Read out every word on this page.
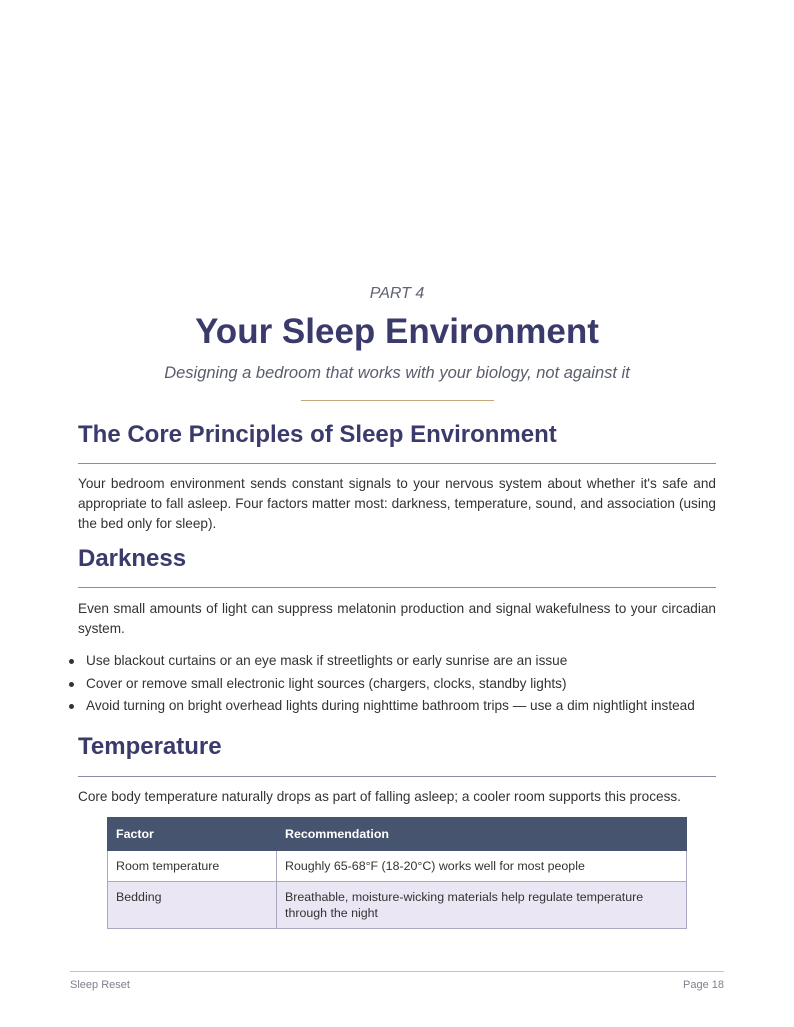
PART 4
Your Sleep Environment
Designing a bedroom that works with your biology, not against it
The Core Principles of Sleep Environment

Your bedroom environment sends constant signals to your nervous system about whether it's safe and appropriate to fall asleep. Four factors matter most: darkness, temperature, sound, and association (using the bed only for sleep).

Darkness

Even small amounts of light can suppress melatonin production and signal wakefulness to your circadian system.

Use blackout curtains or an eye mask if streetlights or early sunrise are an issue
Cover or remove small electronic light sources (chargers, clocks, standby lights)
Avoid turning on bright overhead lights during nighttime bathroom trips — use a dim nightlight instead
Temperature

Core body temperature naturally drops as part of falling asleep; a cooler room supports this process.

Factor	Recommendation
Room temperature	Roughly 65-68°F (18-20°C) works well for most people
Bedding	Breathable, moisture-wicking materials help regulate temperature through the night
Sleep Reset	Page 18
